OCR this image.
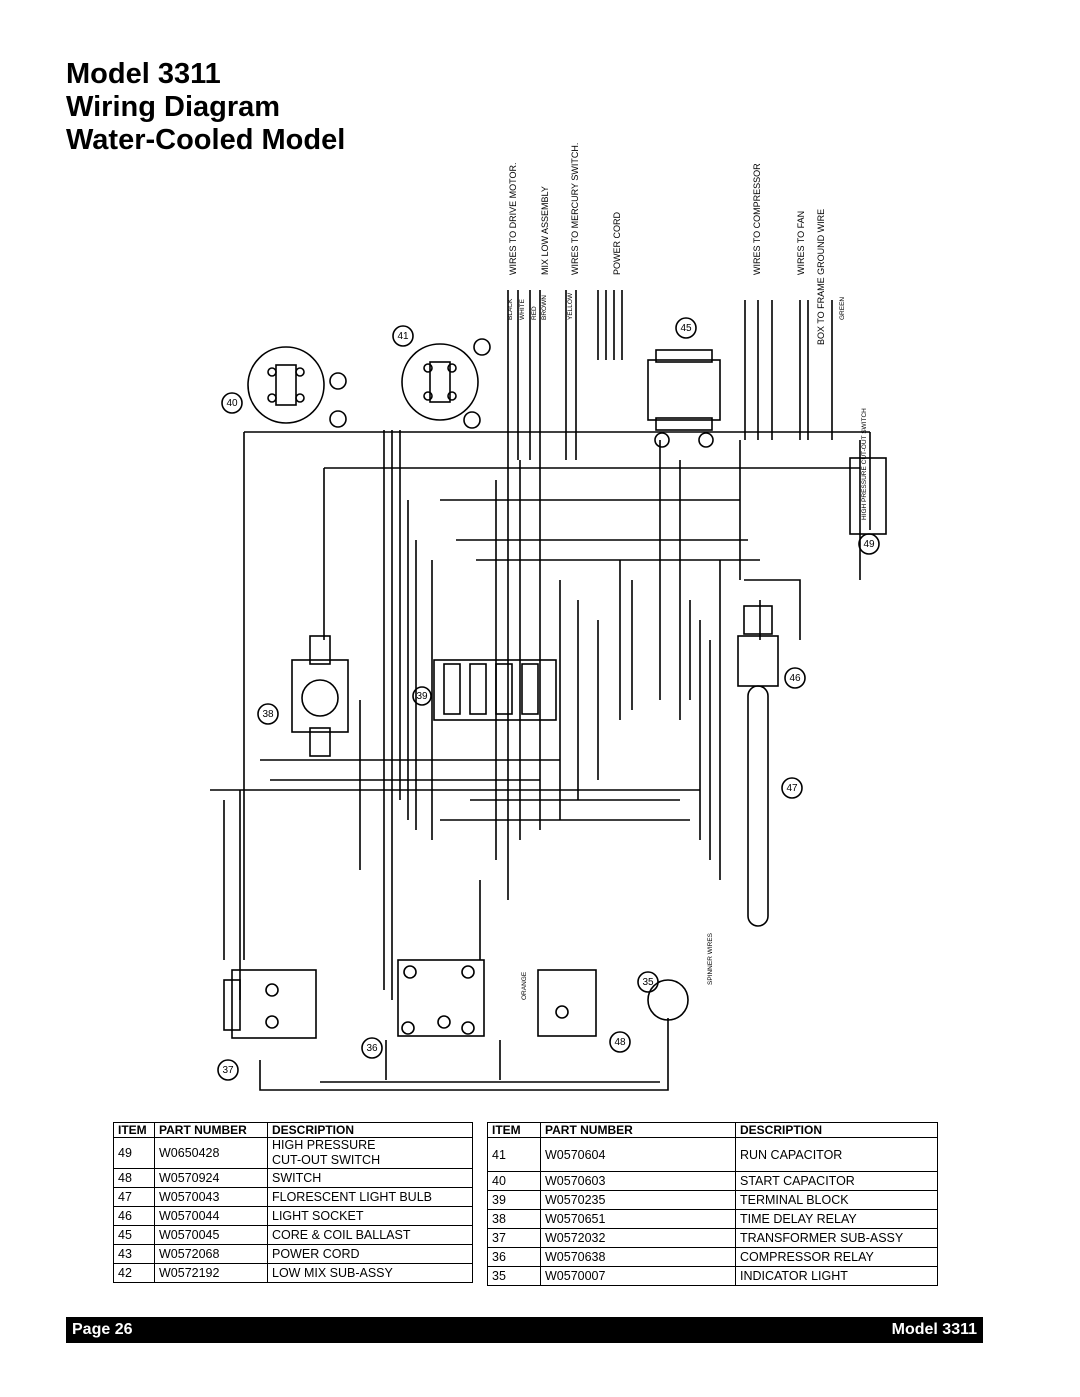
Model 3311
Wiring Diagram
Water-Cooled Model
WIRES TO DRIVE MOTOR. MIX LOW ASSEMBLY WIRES TO MERCURY SWITCH.	POWER CORD	WIRES TO COMPRESSOR	WIRES TO FAN BOX TO FRAME GROUND WIRE
40
41
45
46
47
48
49
35
36
37
38
39
HIGH PRESSURE CUT-OUT SWITCH
SPINNER WIRES
BLACK WHITE RED BROWN	YELLOW	GREEN
ORANGE
ITEM	PART NUMBER	DESCRIPTION
49	W0650428	HIGH PRESSURE
CUT-OUT SWITCH

48	W0570924	SWITCH
47	W0570043	FLORESCENT LIGHT BULB
46	W0570044	LIGHT SOCKET
45	W0570045	CORE & COIL BALLAST
43	W0572068	POWER CORD
42	W0572192	LOW MIX SUB-ASSY
ITEM	PART NUMBER	DESCRIPTION
41	W0570604	RUN CAPACITOR
40	W0570603	START CAPACITOR
39	W0570235	TERMINAL BLOCK
38	W0570651	TIME DELAY RELAY
37	W0572032	TRANSFORMER SUB-ASSY
36	W0570638	COMPRESSOR RELAY
35	W0570007	INDICATOR LIGHT
Page 26	Model 3311
